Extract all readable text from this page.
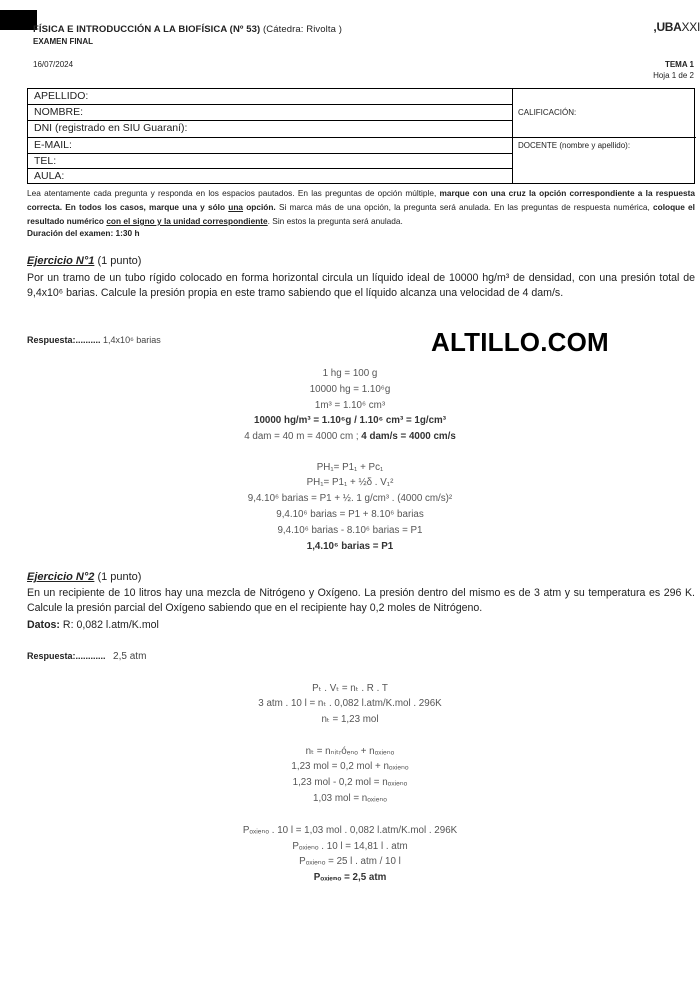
FÍSICA E INTRODUCCIÓN A LA BIOFÍSICA (Nº 53) (Cátedra: Rivolta )
EXAMEN FINAL
,UBAXXI
16/07/2024	TEMA 1
Hoja 1 de 2
APELLIDO:
NOMBRE:
DNI (registrado en SIU Guaraní):
E-MAIL:
TEL:
AULA:
CALIFICACIÓN:
DOCENTE (nombre y apellido):
Lea atentamente cada pregunta y responda en los espacios pautados. En las preguntas de opción múltiple, marque con una cruz la opción correspondiente a la respuesta correcta. En todos los casos, marque una y sólo una opción. Si marca más de una opción, la pregunta será anulada. En las preguntas de respuesta numérica, coloque el resultado numérico con el signo y la unidad correspondiente. Sin estos la pregunta será anulada.
Duración del examen: 1:30 h
Ejercicio N°1 (1 punto)
Por un tramo de un tubo rígido colocado en forma horizontal circula un líquido ideal de 10000 hg/m³ de densidad, con una presión total de 9,4x10⁶ barias. Calcule la presión propia en este tramo sabiendo que el líquido alcanza una velocidad de 4 dam/s.
Respuesta:.......... 1,4x10⁶ barias	ALTILLO.COM
1 hg = 100 g
10000 hg = 1.10⁶g
1m³ = 1.10⁶ cm³
10000 hg/m³ = 1.10⁶g / 1.10⁶ cm³ = 1g/cm³
4 dam = 40 m = 4000 cm ; 4 dam/s = 4000 cm/s
PH₁= P1₁ + Pc₁
PH₁= P1₁ + ½δ . V₁²
9,4.10⁶ barias = P1 + ½. 1 g/cm³ . (4000 cm/s)²
9,4.10⁶ barias = P1 + 8.10⁶ barias
9,4.10⁶ barias - 8.10⁶ barias = P1
1,4.10⁶ barias = P1
Ejercicio N°2 (1 punto)
En un recipiente de 10 litros hay una mezcla de Nitrógeno y Oxígeno. La presión dentro del mismo es de 3 atm y su temperatura es 296 K. Calcule la presión parcial del Oxígeno sabiendo que en el recipiente hay 0,2 moles de Nitrógeno.
Datos: R: 0,082 l.atm/K.mol
Respuesta:............ 2,5 atm
Pₜ . Vₜ = nₜ . R . T
3 atm . 10 l = nₜ . 0,082 l.atm/K.mol . 296K
nₜ = 1,23 mol
nₜ = nₙᵢₜᵣóₑₙₒ + nₒₓᵢₑₙₒ
1,23 mol = 0,2 mol + nₒₓᵢₑₙₒ
1,23 mol - 0,2 mol = nₒₓᵢₑₙₒ
1,03 mol = nₒₓᵢₑₙₒ
Pₒₓᵢₑₙₒ . 10 l = 1,03 mol . 0,082 l.atm/K.mol . 296K
Pₒₓᵢₑₙₒ . 10 l = 14,81 l . atm
Pₒₓᵢₑₙₒ = 25 l . atm / 10 l
Pₒₓᵢₑₙₒ = 2,5 atm
